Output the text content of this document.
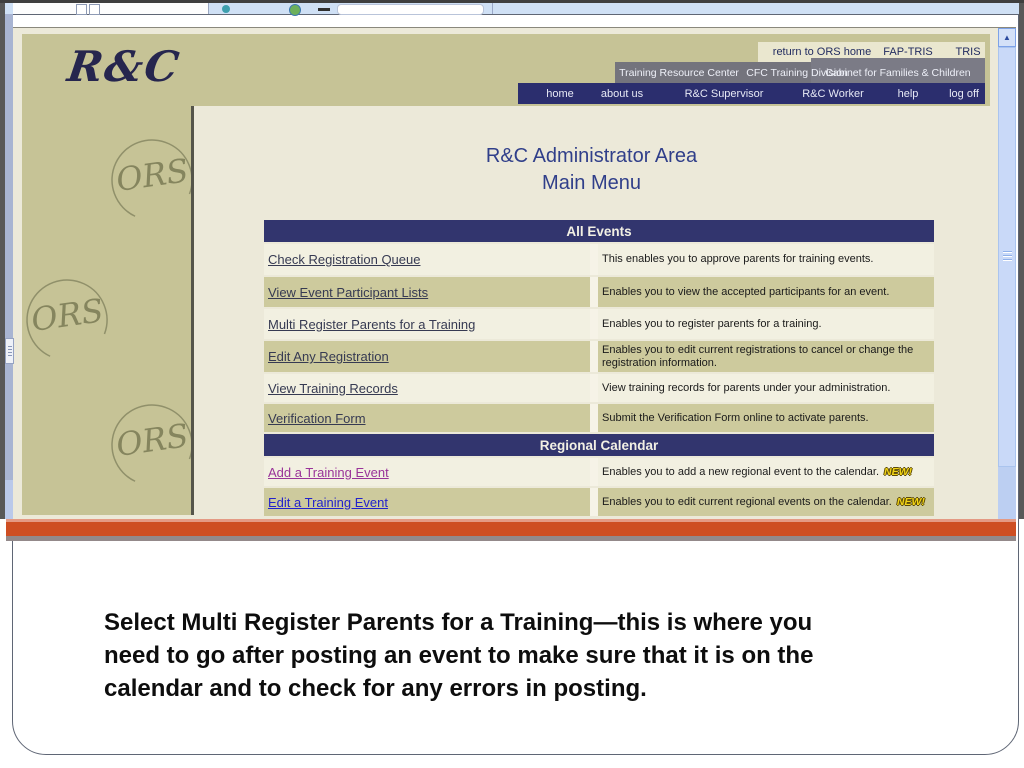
R&C	return to ORS home FAP-TRIS TRIS
Training Resource Center CFC Training Division
Cabinet for Families & Children
home about us	R&C Supervisor	R&C Worker	help	log off
ORS
ORS
ORS
R&C Administrator Area
Main Menu
All Events
Check Registration Queue	This enables you to approve parents for training events.
View Event Participant Lists	Enables you to view the accepted participants for an event.
Multi Register Parents for a Training	Enables you to register parents for a training.
Edit Any Registration	Enables you to edit current registrations to cancel or change the registration information.
View Training Records	View training records for parents under your administration.
Verification Form	Submit the Verification Form online to activate parents.
Regional Calendar
Add a Training Event	Enables you to add a new regional event to the calendar. NEW!
Edit a Training Event	Enables you to edit current regional events on the calendar. NEW!
▲
Select Multi Register Parents for a Training—this is where you
need to go after posting an event to make sure that it is on the
calendar and to check for any errors in posting.
